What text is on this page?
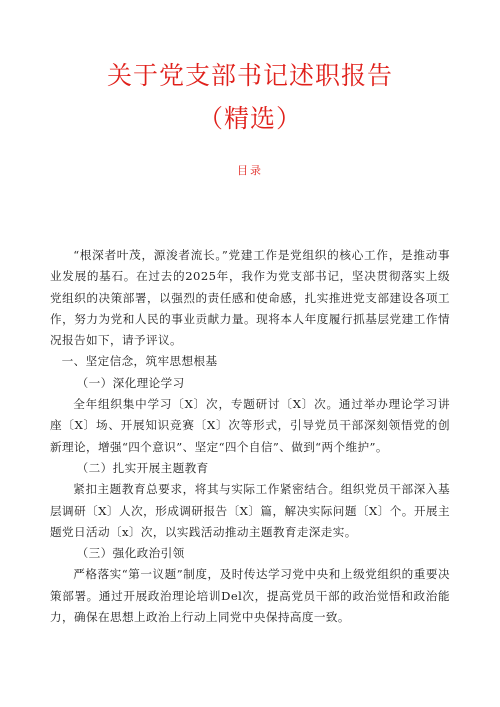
关于党支部书记述职报告
（精选）
目录

“根深者叶茂，源浚者流长。”党建工作是党组织的核心工作，是推动事业发展的基石。在过去的2025年，我作为党支部书记，坚决贯彻落实上级党组织的决策部署，以强烈的责任感和使命感，扎实推进党支部建设各项工作，努力为党和人民的事业贡献力量。现将本人年度履行抓基层党建工作情况报告如下，请予评议。

一、坚定信念，筑牢思想根基

（一）深化理论学习

全年组织集中学习〔X〕次，专题研讨〔X〕次。通过举办理论学习讲座〔X〕场、开展知识竞赛〔X〕次等形式，引导党员干部深刻领悟党的创新理论，增强“四个意识”、坚定“四个自信”、做到“两个维护”。

（二）扎实开展主题教育

紧扣主题教育总要求，将其与实际工作紧密结合。组织党员干部深入基层调研〔X〕人次，形成调研报告〔X〕篇，解决实际问题〔X〕个。开展主题党日活动〔x〕次，以实践活动推动主题教育走深走实。

（三）强化政治引领

严格落实“第一议题”制度，及时传达学习党中央和上级党组织的重要决策部署。通过开展政治理论培训Del次，提高党员干部的政治觉悟和政治能力，确保在思想上政治上行动上同党中央保持高度一致。
